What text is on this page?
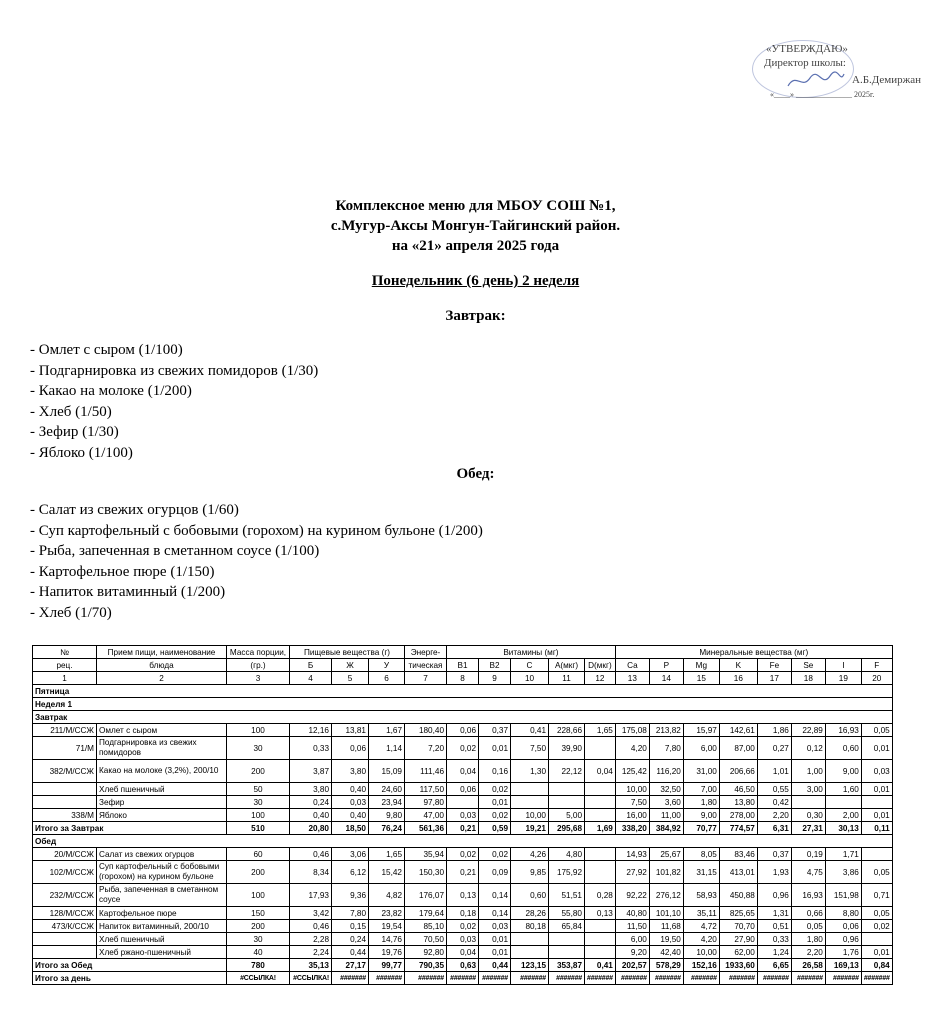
«УТВЕРЖДАЮ»
Директор школы:
А.Б.Демиржан
«____» ______________ 2025г.
Комплексное меню для МБОУ СОШ №1,
с.Мугур-Аксы Монгун-Тайгинский район.
на «21» апреля 2025 года
Понедельник (6 день) 2 неделя
Завтрак:
- Омлет с сыром (1/100)
- Подгарнировка из свежих помидоров (1/30)
- Какао на молоке (1/200)
- Хлеб (1/50)
- Зефир (1/30)
- Яблоко (1/100)
Обед:
- Салат из свежих огурцов (1/60)
- Суп картофельный с бобовыми (горохом) на курином бульоне (1/200)
- Рыба, запеченная в сметанном соусе (1/100)
- Картофельное пюре (1/150)
- Напиток витаминный (1/200)
- Хлеб (1/70)
№	Прием пищи, наименование	Масса порции,	Пищевые вещества (г)			Энерге-	Витамины (мг)					Минеральные вещества (мг)							
рец.	блюда	(гр.)	Б	Ж	У	тическая	В1	В2	С	А(мкг)	D(мкг)	Са	P	Mg	K	Fe	Se	I	F
1	2	3	4	5	6	7	8	9	10	11	12	13	14	15	16	17	18	19	20
Пятница																			
Неделя 1																			
Завтрак																			
211/М/ССЖ	Омлет с сыром	100	12,16	13,81	1,67	180,40	0,06	0,37	0,41	228,66	1,65	175,08	213,82	15,97	142,61	1,86	22,89	16,93	0,05
71/М	Подгарнировка из свежих помидоров	30	0,33	0,06	1,14	7,20	0,02	0,01	7,50	39,90		4,20	7,80	6,00	87,00	0,27	0,12	0,60	0,01
382/М/ССЖ	Какао на молоке (3,2%), 200/10	200	3,87	3,80	15,09	111,46	0,04	0,16	1,30	22,12	0,04	125,42	116,20	31,00	206,66	1,01	1,00	9,00	0,03
	Хлеб пшеничный	50	3,80	0,40	24,60	117,50	0,06	0,02				10,00	32,50	7,00	46,50	0,55	3,00	1,60	0,01
	Зефир	30	0,24	0,03	23,94	97,80		0,01				7,50	3,60	1,80	13,80	0,42			
338/М	Яблоко	100	0,40	0,40	9,80	47,00	0,03	0,02	10,00	5,00		16,00	11,00	9,00	278,00	2,20	0,30	2,00	0,01
Итого за Завтрак		510	20,80	18,50	76,24	561,36	0,21	0,59	19,21	295,68	1,69	338,20	384,92	70,77	774,57	6,31	27,31	30,13	0,11
Обед																			
20/М/ССЖ	Салат из свежих огурцов	60	0,46	3,06	1,65	35,94	0,02	0,02	4,26	4,80		14,93	25,67	8,05	83,46	0,37	0,19	1,71	
102/М/ССЖ	Суп картофельный с бобовыми (горохом) на курином бульоне	200	8,34	6,12	15,42	150,30	0,21	0,09	9,85	175,92		27,92	101,82	31,15	413,01	1,93	4,75	3,86	0,05
232/М/ССЖ	Рыба, запеченная в сметанном соусе	100	17,93	9,36	4,82	176,07	0,13	0,14	0,60	51,51	0,28	92,22	276,12	58,93	450,88	0,96	16,93	151,98	0,71
128/М/ССЖ	Картофельное пюре	150	3,42	7,80	23,82	179,64	0,18	0,14	28,26	55,80	0,13	40,80	101,10	35,11	825,65	1,31	0,66	8,80	0,05
473/К/ССЖ	Напиток витаминный, 200/10	200	0,46	0,15	19,54	85,10	0,02	0,03	80,18	65,84		11,50	11,68	4,72	70,70	0,51	0,05	0,06	0,02
	Хлеб пшеничный	30	2,28	0,24	14,76	70,50	0,03	0,01				6,00	19,50	4,20	27,90	0,33	1,80	0,96	
	Хлеб ржано-пшеничный	40	2,24	0,44	19,76	92,80	0,04	0,01				9,20	42,40	10,00	62,00	1,24	2,20	1,76	0,01
Итого за Обед		780	35,13	27,17	99,77	790,35	0,63	0,44	123,15	353,87	0,41	202,57	578,29	152,16	1933,60	6,65	26,58	169,13	0,84
Итого за день		#ССЫЛКА!	#ССЫЛКА!	#######	#######	#######	#######	#######	#######	#######	#######	#######	#######	#######	#######	#######	#######	#######	#######
